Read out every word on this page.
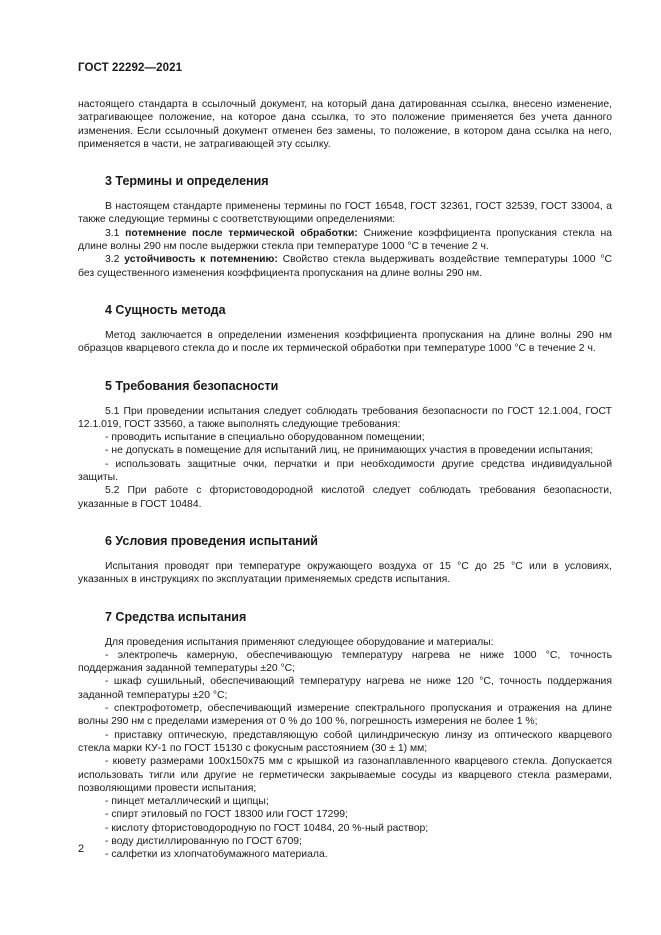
ГОСТ 22292—2021

настоящего стандарта в ссылочный документ, на который дана датированная ссылка, внесено изменение, затрагивающее положение, на которое дана ссылка, то это положение применяется без учета данного изменения. Если ссылочный документ отменен без замены, то положение, в котором дана ссылка на него, применяется в части, не затрагивающей эту ссылку.

3 Термины и определения

В настоящем стандарте применены термины по ГОСТ 16548, ГОСТ 32361, ГОСТ 32539, ГОСТ 33004, а также следующие термины с соответствующими определениями:

3.1 потемнение после термической обработки: Снижение коэффициента пропускания стекла на длине волны 290 нм после выдержки стекла при температуре 1000 °С в течение 2 ч.

3.2 устойчивость к потемнению: Свойство стекла выдерживать воздействие температуры 1000 °С без существенного изменения коэффициента пропускания на длине волны 290 нм.

4 Сущность метода

Метод заключается в определении изменения коэффициента пропускания на длине волны 290 нм образцов кварцевого стекла до и после их термической обработки при температуре 1000 °С в течение 2 ч.

5 Требования безопасности

5.1 При проведении испытания следует соблюдать требования безопасности по ГОСТ 12.1.004, ГОСТ 12.1.019, ГОСТ 33560, а также выполнять следующие требования:

- проводить испытание в специально оборудованном помещении;

- не допускать в помещение для испытаний лиц, не принимающих участия в проведении испытания;

- использовать защитные очки, перчатки и при необходимости другие средства индивидуальной защиты.

5.2 При работе с фтористоводородной кислотой следует соблюдать требования безопасности, указанные в ГОСТ 10484.

6 Условия проведения испытаний

Испытания проводят при температуре окружающего воздуха от 15 °С до 25 °С или в условиях, указанных в инструкциях по эксплуатации применяемых средств испытания.

7 Средства испытания

Для проведения испытания применяют следующее оборудование и материалы:

- электропечь камерную, обеспечивающую температуру нагрева не ниже 1000 °С, точность поддержания заданной температуры ±20 °С;

- шкаф сушильный, обеспечивающий температуру нагрева не ниже 120 °С, точность поддержания заданной температуры ±20 °С;

- спектрофотометр, обеспечивающий измерение спектрального пропускания и отражения на длине волны 290 нм с пределами измерения от 0 % до 100 %, погрешность измерения не более 1 %;

- приставку оптическую, представляющую собой цилиндрическую линзу из оптического кварцевого стекла марки КУ-1 по ГОСТ 15130 с фокусным расстоянием (30 ± 1) мм;

- кювету размерами 100х150х75 мм с крышкой из газонаплавленного кварцевого стекла. Допускается использовать тигли или другие не герметически закрываемые сосуды из кварцевого стекла размерами, позволяющими провести испытания;

- пинцет металлический и щипцы;

- спирт этиловый по ГОСТ 18300 или ГОСТ 17299;

- кислоту фтористоводородную по ГОСТ 10484, 20 %-ный раствор;

- воду дистиллированную по ГОСТ 6709;

- салфетки из хлопчатобумажного материала.

2
